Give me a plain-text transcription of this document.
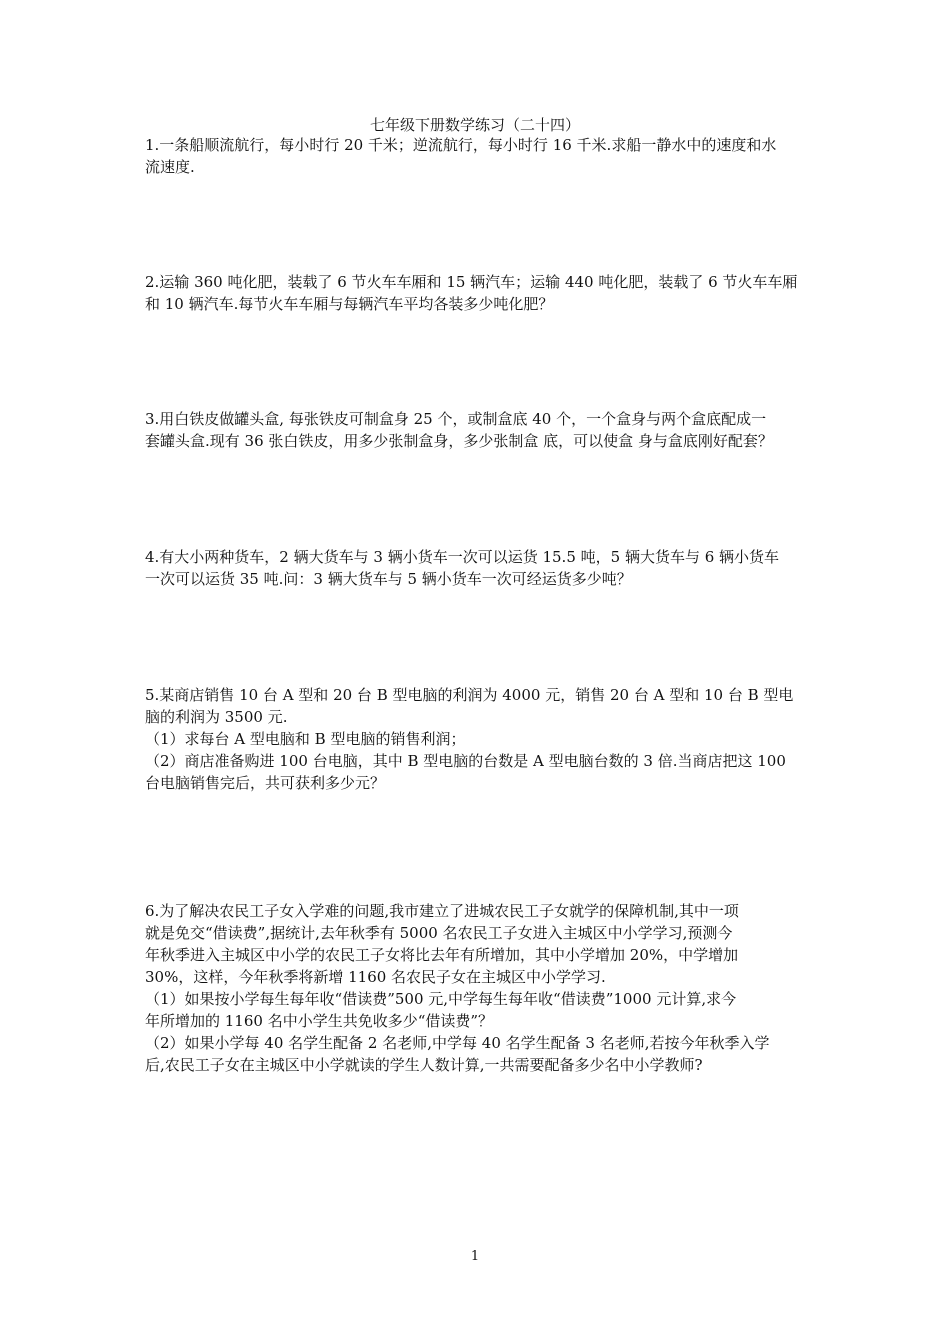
七年级下册数学练习（二十四）

1.一条船顺流航行，每小时行 20 千米；逆流航行，每小时行 16 千米.求船一静水中的速度和水

流速度.

2.运输 360 吨化肥，装载了 6 节火车车厢和 15 辆汽车；运输 440 吨化肥，装载了 6 节火车车厢

和 10 辆汽车.每节火车车厢与每辆汽车平均各装多少吨化肥？

3.用白铁皮做罐头盒, 每张铁皮可制盒身 25 个，或制盒底 40 个，一个盒身与两个盒底配成一

套罐头盒.现有 36 张白铁皮，用多少张制盒身，多少张制盒 底，可以使盒 身与盒底刚好配套？

4.有大小两种货车，2 辆大货车与 3 辆小货车一次可以运货 15.5 吨，5 辆大货车与 6 辆小货车

一次可以运货 35 吨.问：3 辆大货车与 5 辆小货车一次可经运货多少吨？

5.某商店销售 10 台 A 型和 20 台 B 型电脑的利润为 4000 元，销售 20 台 A 型和 10 台 B 型电

脑的利润为 3500 元.

（1）求每台 A 型电脑和 B 型电脑的销售利润；

（2）商店准备购进 100 台电脑，其中 B 型电脑的台数是 A 型电脑台数的 3 倍.当商店把这 100

台电脑销售完后，共可获利多少元？

6.为了解决农民工子女入学难的问题,我市建立了进城农民工子女就学的保障机制,其中一项

就是免交“借读费”,据统计,去年秋季有 5000 名农民工子女进入主城区中小学学习,预测今

年秋季进入主城区中小学的农民工子女将比去年有所增加，其中小学增加 20%，中学增加

30%，这样，今年秋季将新增 1160 名农民子女在主城区中小学学习.

（1）如果按小学每生每年收“借读费”500 元,中学每生每年收“借读费”1000 元计算,求今

年所增加的 1160 名中小学生共免收多少“借读费”？

（2）如果小学每 40 名学生配备 2 名老师,中学每 40 名学生配备 3 名老师,若按今年秋季入学

后,农民工子女在主城区中小学就读的学生人数计算,一共需要配备多少名中小学教师?

1
